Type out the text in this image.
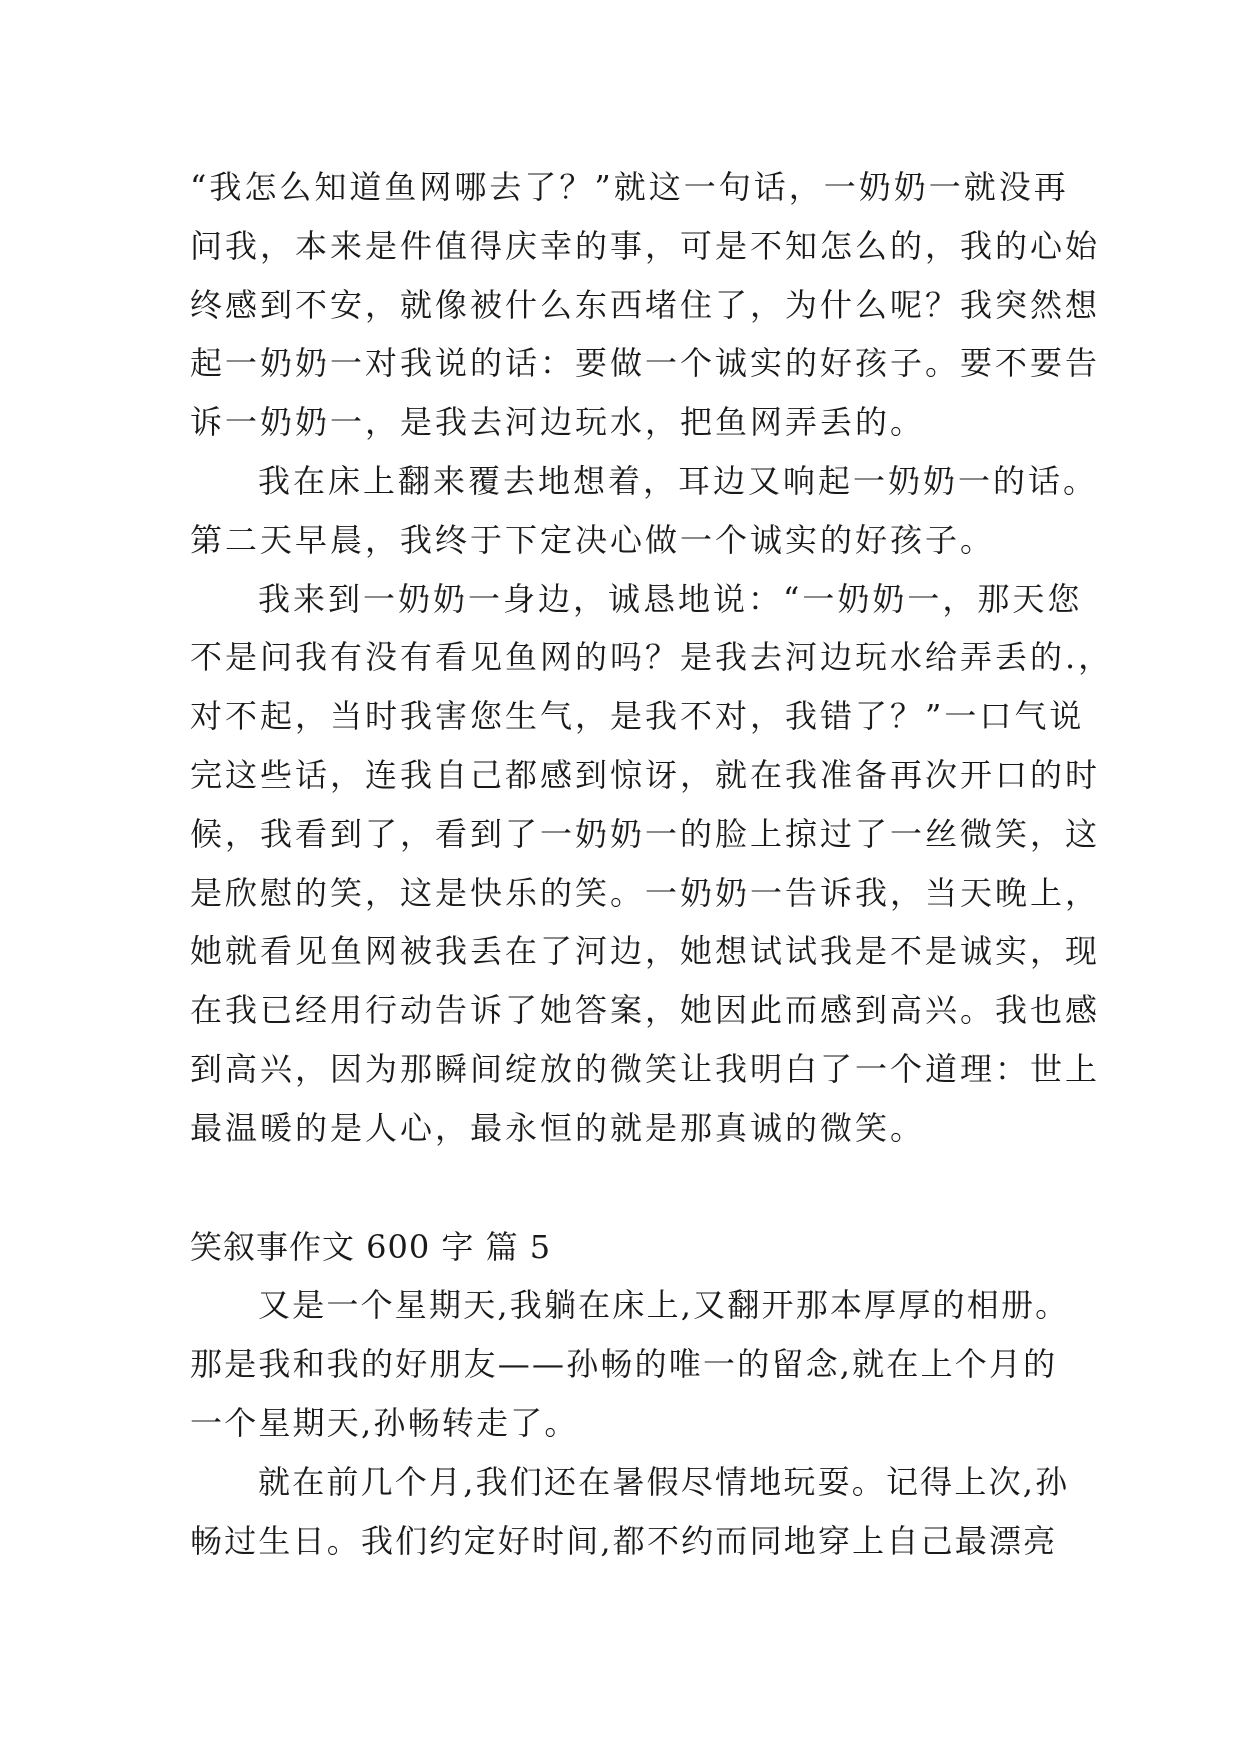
“我怎么知道鱼网哪去了？”就这一句话，一奶奶一就没再
问我，本来是件值得庆幸的事，可是不知怎么的，我的心始
终感到不安，就像被什么东西堵住了，为什么呢？我突然想
起一奶奶一对我说的话：要做一个诚实的好孩子。要不要告
诉一奶奶一，是我去河边玩水，把鱼网弄丢的。
我在床上翻来覆去地想着，耳边又响起一奶奶一的话。
第二天早晨，我终于下定决心做一个诚实的好孩子。
我来到一奶奶一身边，诚恳地说：“一奶奶一，那天您
不是问我有没有看见鱼网的吗？是我去河边玩水给弄丢的.，
对不起，当时我害您生气，是我不对，我错了？”一口气说
完这些话，连我自己都感到惊讶，就在我准备再次开口的时
候，我看到了，看到了一奶奶一的脸上掠过了一丝微笑，这
是欣慰的笑，这是快乐的笑。一奶奶一告诉我，当天晚上，
她就看见鱼网被我丢在了河边，她想试试我是不是诚实，现
在我已经用行动告诉了她答案，她因此而感到高兴。我也感
到高兴，因为那瞬间绽放的微笑让我明白了一个道理：世上
最温暖的是人心，最永恒的就是那真诚的微笑。
笑叙事作文 600 字 篇 5
又是一个星期天,我躺在床上,又翻开那本厚厚的相册。
那是我和我的好朋友——孙畅的唯一的留念,就在上个月的
一个星期天,孙畅转走了。
就在前几个月,我们还在暑假尽情地玩耍。记得上次,孙
畅过生日。我们约定好时间,都不约而同地穿上自己最漂亮
